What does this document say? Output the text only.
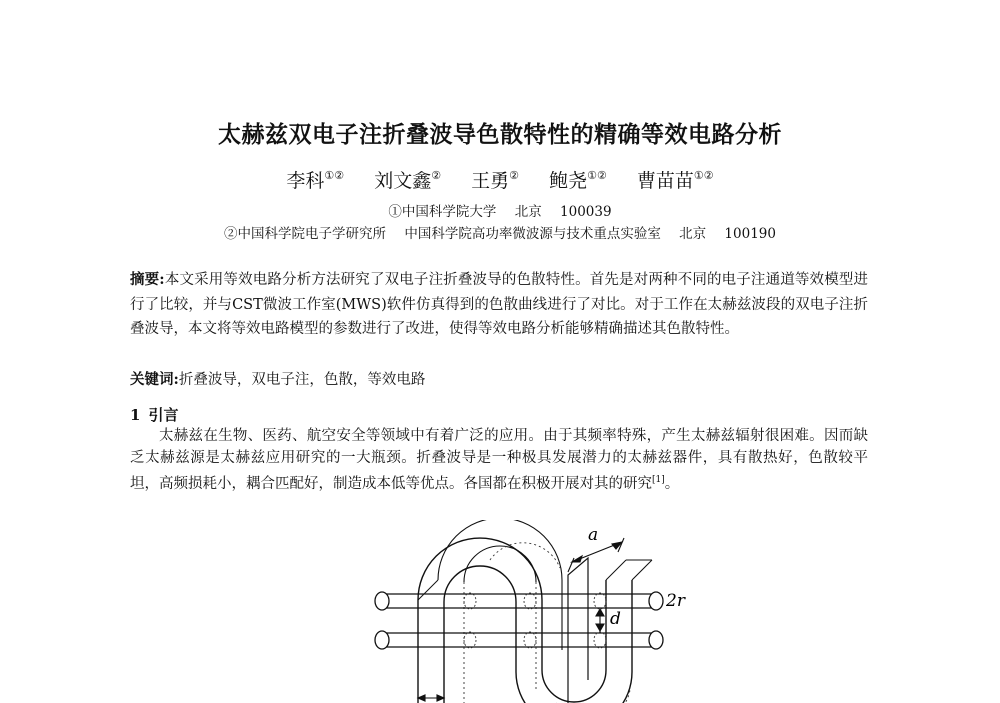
太赫兹双电子注折叠波导色散特性的精确等效电路分析
李科①② 刘文鑫② 王勇② 鲍尧①② 曹苗苗①②
①中国科学院大学 北京 100039
②中国科学院电子学研究所 中国科学院高功率微波源与技术重点实验室 北京 100190
摘要:本文采用等效电路分析方法研究了双电子注折叠波导的色散特性。首先是对两种不同的电子注通道等效模型进行了比较，并与CST微波工作室(MWS)软件仿真得到的色散曲线进行了对比。对于工作在太赫兹波段的双电子注折叠波导，本文将等效电路模型的参数进行了改进，使得等效电路分析能够精确描述其色散特性。
关键词:折叠波导，双电子注，色散，等效电路
1 引言
太赫兹在生物、医药、航空安全等领域中有着广泛的应用。由于其频率特殊，产生太赫兹辐射很困难。因而缺乏太赫兹源是太赫兹应用研究的一大瓶颈。折叠波导是一种极具发展潜力的太赫兹器件，具有散热好，色散较平坦，高频损耗小，耦合匹配好，制造成本低等优点。各国都在积极开展对其的研究[1]。
a
d
2r
